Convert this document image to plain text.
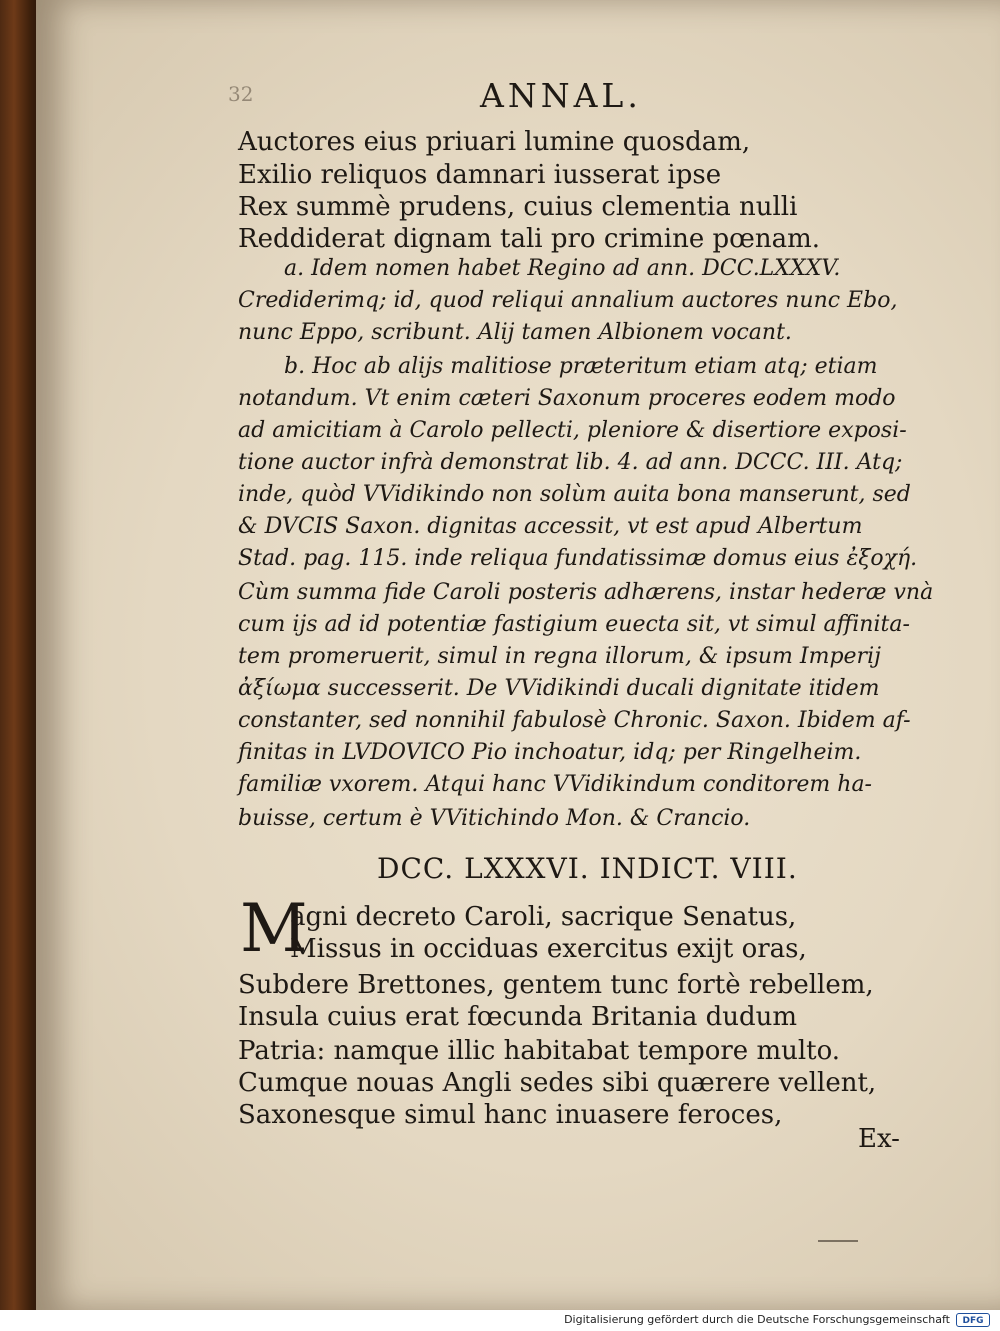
32	ANNAL.
Auctores eius priuari lumine quosdam,
Exilio reliquos damnari iusserat ipse
Rex summè prudens, cuius clementia nulli
Reddiderat dignam tali pro crimine pœnam.
a. Idem nomen habet Regino ad ann. DCC.LXXXV.
Crediderimq; id, quod reliqui annalium auctores nunc Ebo,
nunc Eppo, scribunt. Alij tamen Albionem vocant.
b. Hoc ab alijs malitiose præteritum etiam atq; etiam
notandum. Vt enim cæteri Saxonum proceres eodem modo
ad amicitiam à Carolo pellecti, pleniore & disertiore exposi-
tione auctor infrà demonstrat lib. 4. ad ann. DCCC. III. Atq;
inde, quòd VVidikindo non solùm auita bona manserunt, sed
& DVCIS Saxon. dignitas accessit, vt est apud Albertum
Stad. pag. 115. inde reliqua fundatissimæ domus eius ἐξοχή.
Cùm summa fide Caroli posteris adhærens, instar hederæ vnà
cum ijs ad id potentiæ fastigium euecta sit, vt simul affinita-
tem promeruerit, simul in regna illorum, & ipsum Imperij
ἀξίωμα successerit. De VVidikindi ducali dignitate itidem
constanter, sed nonnihil fabulosè Chronic. Saxon. Ibidem af-
finitas in LVDOVICO Pio inchoatur, idq; per Ringelheim.
familiæ vxorem. Atqui hanc VVidikindum conditorem ha-
buisse, certum è VVitichindo Mon. & Crancio.
DCC. LXXXVI. INDICT. VIII.
M
agni decreto Caroli, sacrique Senatus,
Missus in occiduas exercitus exijt oras,
Subdere Brettones, gentem tunc fortè rebellem,
Insula cuius erat fœcunda Britania dudum
Patria: namque illic habitabat tempore multo.
Cumque nouas Angli sedes sibi quærere vellent,
Saxonesque simul hanc inuasere feroces,
Ex-
Digitalisierung gefördert durch die Deutsche Forschungsgemeinschaft	DFG
